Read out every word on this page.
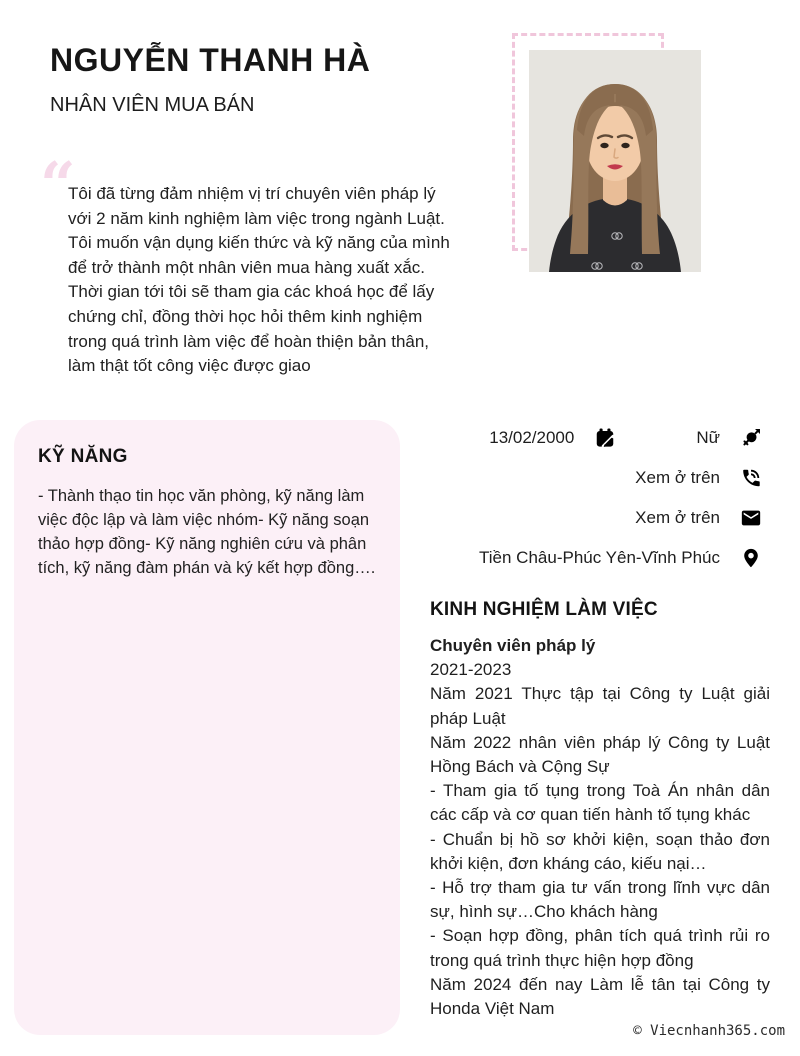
NGUYỄN THANH HÀ
NHÂN VIÊN MUA BÁN
“
Tôi đã từng đảm nhiệm vị trí chuyên viên pháp lý với 2 năm kinh nghiệm làm việc trong ngành Luật. Tôi muốn vận dụng kiến thức và kỹ năng của mình để trở thành một nhân viên mua hàng xuất xắc. Thời gian tới tôi sẽ tham gia các khoá học để lấy chứng chỉ, đồng thời học hỏi thêm kinh nghiệm trong quá trình làm việc để hoàn thiện bản thân, làm thật tốt công việc được giao
KỸ NĂNG
- Thành thạo tin học văn phòng, kỹ năng làm việc độc lập và làm việc nhóm- Kỹ năng soạn thảo hợp đồng- Kỹ năng nghiên cứu và phân tích, kỹ năng đàm phán và ký kết hợp đồng….
13/02/2000	Nữ
Xem ở trên
Xem ở trên
Tiền Châu-Phúc Yên-Vĩnh Phúc
KINH NGHIỆM LÀM VIỆC

Chuyên viên pháp lý

2021-2023

Năm 2021 Thực tập tại Công ty Luật giải pháp Luật

Năm 2022 nhân viên pháp lý Công ty Luật Hồng Bách và Cộng Sự

- Tham gia tố tụng trong Toà Án nhân dân các cấp và cơ quan tiến hành tố tụng khác

- Chuẩn bị hồ sơ khởi kiện, soạn thảo đơn khởi kiện, đơn kháng cáo, kiếu nại…

- Hỗ trợ tham gia tư vấn trong lĩnh vực dân sự, hình sự…Cho khách hàng

- Soạn hợp đồng, phân tích quá trình rủi ro trong quá trình thực hiện hợp đồng

Năm 2024 đến nay Làm lễ tân tại Công ty Honda Việt Nam

© Viecnhanh365.com
